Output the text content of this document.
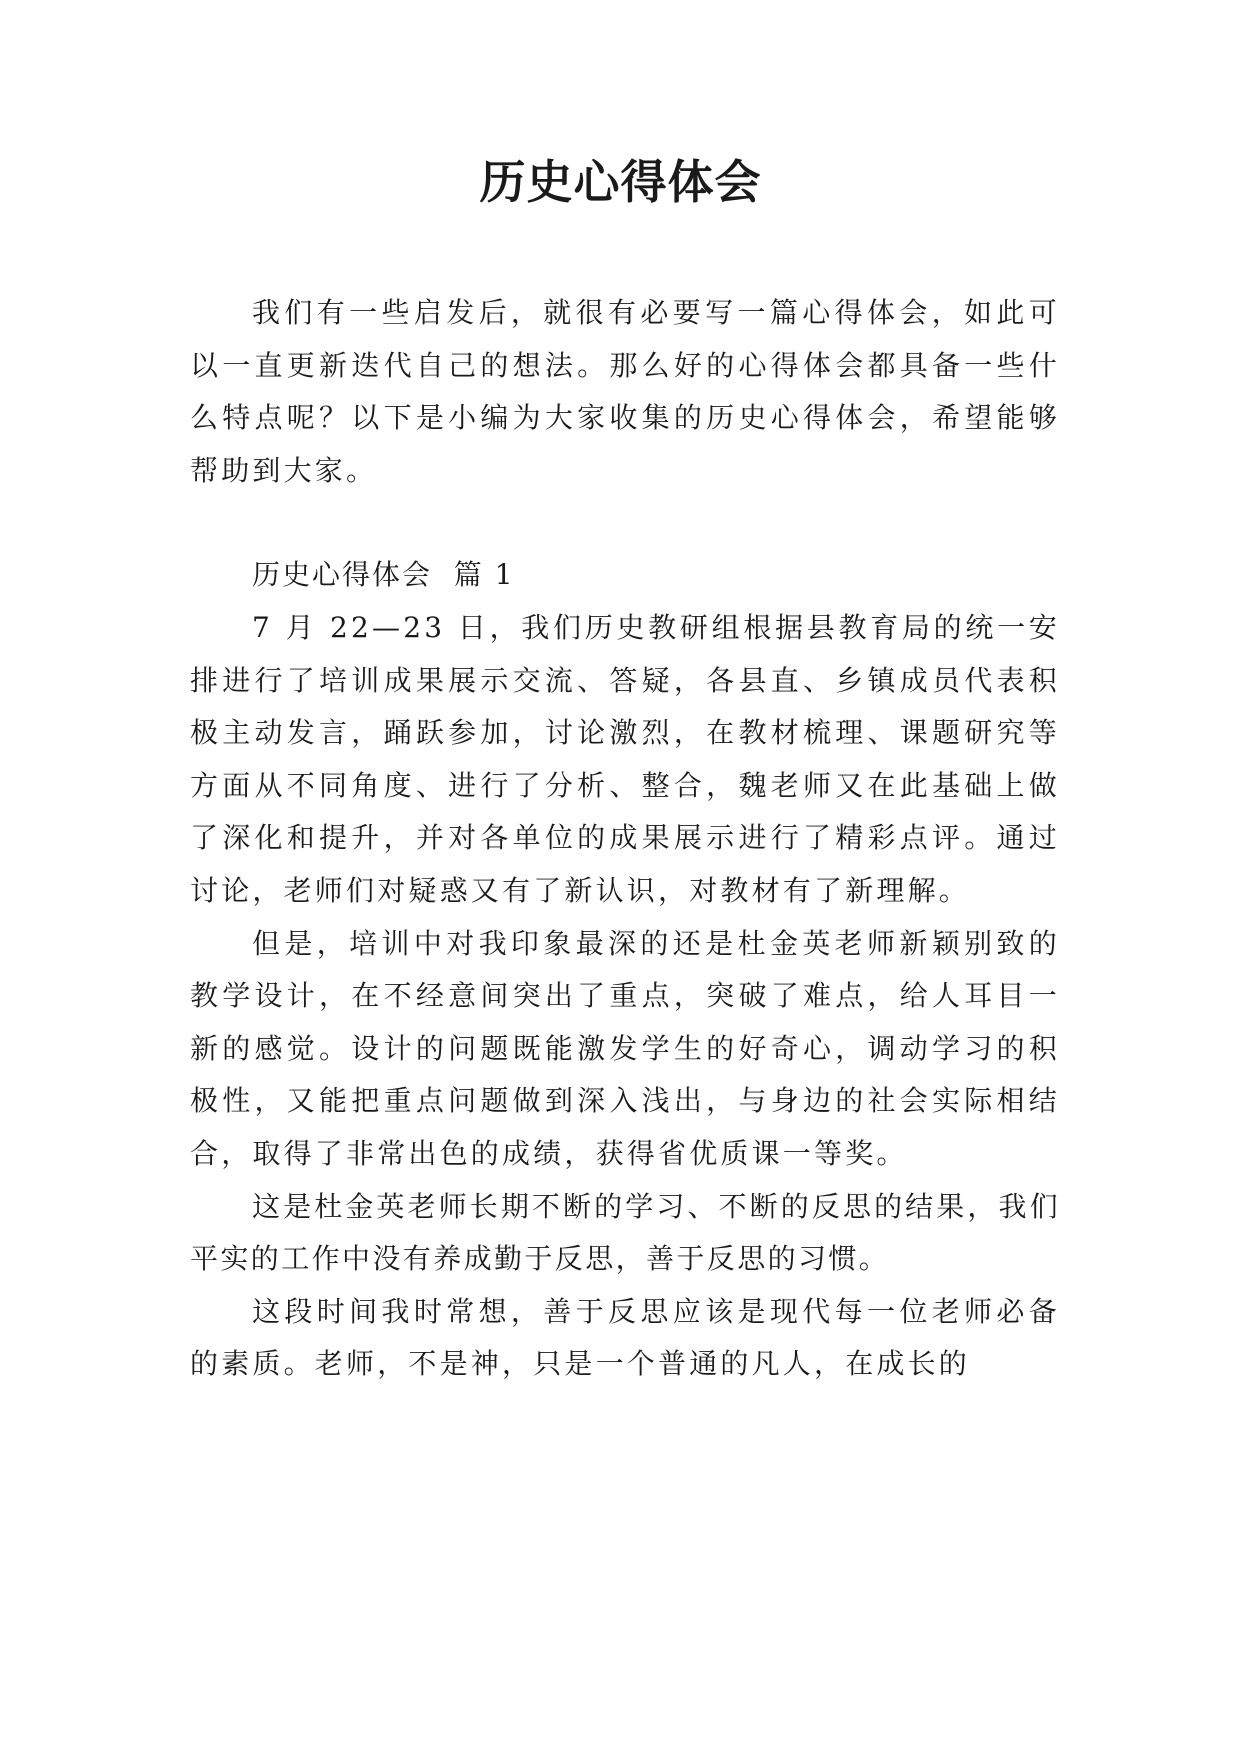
历史心得体会

我们有一些启发后，就很有必要写一篇心得体会，如此可以一直更新迭代自己的想法。那么好的心得体会都具备一些什么特点呢？以下是小编为大家收集的历史心得体会，希望能够帮助到大家。

历史心得体会  篇 1

7 月 22—23 日，我们历史教研组根据县教育局的统一安排进行了培训成果展示交流、答疑，各县直、乡镇成员代表积极主动发言，踊跃参加，讨论激烈，在教材梳理、课题研究等方面从不同角度、进行了分析、整合，魏老师又在此基础上做了深化和提升，并对各单位的成果展示进行了精彩点评。通过讨论，老师们对疑惑又有了新认识，对教材有了新理解。

但是，培训中对我印象最深的还是杜金英老师新颖别致的教学设计，在不经意间突出了重点，突破了难点，给人耳目一新的感觉。设计的问题既能激发学生的好奇心，调动学习的积极性，又能把重点问题做到深入浅出，与身边的社会实际相结合，取得了非常出色的成绩，获得省优质课一等奖。

这是杜金英老师长期不断的学习、不断的反思的结果，我们平实的工作中没有养成勤于反思，善于反思的习惯。

这段时间我时常想，善于反思应该是现代每一位老师必备的素质。老师，不是神，只是一个普通的凡人，在成长的
